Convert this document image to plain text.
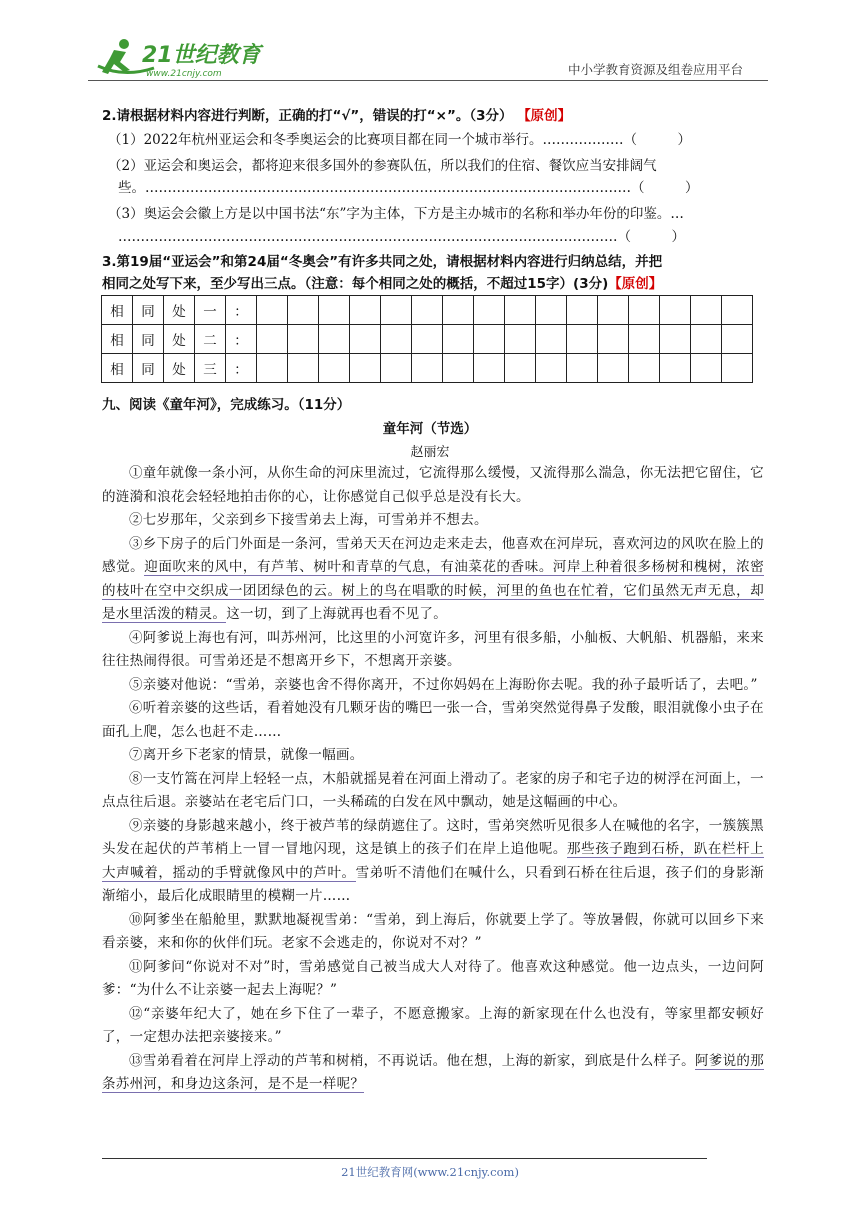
21世纪教育
www.21cnjy.com	中小学教育资源及组卷应用平台
2.请根据材料内容进行判断，正确的打“√”，错误的打“×”。（3分） 【原创】
（1）2022年杭州亚运会和冬季奥运会的比赛项目都在同一个城市举行。………………（　　　）
（2）亚运会和奥运会，都将迎来很多国外的参赛队伍，所以我们的住宿、餐饮应当安排阔气
些。………………………………………………………………………………………………（　　　）
（3）奥运会会徽上方是以中国书法“东”字为主体，下方是主办城市的名称和举办年份的印鉴。…
…………………………………………………………………………………………………（　　　）
3.第19届“亚运会”和第24届“冬奥会”有许多共同之处，请根据材料内容进行归纳总结，并把
相同之处写下来，至少写出三点。（注意：每个相同之处的概括，不超过15字）(3分)【原创】
相	同	处	一	：																
相	同	处	二	：																
相	同	处	三	：																
九、阅读《童年河》，完成练习。（11分）
童年河（节选）
赵丽宏

①童年就像一条小河，从你生命的河床里流过，它流得那么缓慢，又流得那么湍急，你无法把它留住，它的涟漪和浪花会轻轻地拍击你的心，让你感觉自己似乎总是没有长大。

②七岁那年，父亲到乡下接雪弟去上海，可雪弟并不想去。

③乡下房子的后门外面是一条河，雪弟天天在河边走来走去，他喜欢在河岸玩，喜欢河边的风吹在脸上的感觉。迎面吹来的风中，有芦苇、树叶和青草的气息，有油菜花的香味。河岸上种着很多杨树和槐树，浓密的枝叶在空中交织成一团团绿色的云。树上的鸟在唱歌的时候，河里的鱼也在忙着，它们虽然无声无息，却是水里活泼的精灵。这一切，到了上海就再也看不见了。

④阿爹说上海也有河，叫苏州河，比这里的小河宽许多，河里有很多船，小舢板、大帆船、机器船，来来往往热闹得很。可雪弟还是不想离开乡下，不想离开亲婆。

⑤亲婆对他说：“雪弟，亲婆也舍不得你离开，不过你妈妈在上海盼你去呢。我的孙子最听话了，去吧。”

⑥听着亲婆的这些话，看着她没有几颗牙齿的嘴巴一张一合，雪弟突然觉得鼻子发酸，眼泪就像小虫子在面孔上爬，怎么也赶不走……

⑦离开乡下老家的情景，就像一幅画。

⑧一支竹篙在河岸上轻轻一点，木船就摇晃着在河面上滑动了。老家的房子和宅子边的树浮在河面上，一点点往后退。亲婆站在老宅后门口，一头稀疏的白发在风中飘动，她是这幅画的中心。

⑨亲婆的身影越来越小，终于被芦苇的绿荫遮住了。这时，雪弟突然听见很多人在喊他的名字，一簇簇黑头发在起伏的芦苇梢上一冒一冒地闪现，这是镇上的孩子们在岸上追他呢。那些孩子跑到石桥，趴在栏杆上大声喊着，摇动的手臂就像风中的芦叶。雪弟听不清他们在喊什么，只看到石桥在往后退，孩子们的身影渐渐缩小，最后化成眼睛里的模糊一片……

⑩阿爹坐在船舱里，默默地凝视雪弟：“雪弟，到上海后，你就要上学了。等放暑假，你就可以回乡下来看亲婆，来和你的伙伴们玩。老家不会逃走的，你说对不对？”

⑪阿爹问“你说对不对”时，雪弟感觉自己被当成大人对待了。他喜欢这种感觉。他一边点头，一边问阿爹：“为什么不让亲婆一起去上海呢？”

⑫“亲婆年纪大了，她在乡下住了一辈子，不愿意搬家。上海的新家现在什么也没有，等家里都安顿好了，一定想办法把亲婆接来。”

⑬雪弟看着在河岸上浮动的芦苇和树梢，不再说话。他在想，上海的新家，到底是什么样子。阿爹说的那条苏州河，和身边这条河，是不是一样呢？

21世纪教育网(www.21cnjy.com)
